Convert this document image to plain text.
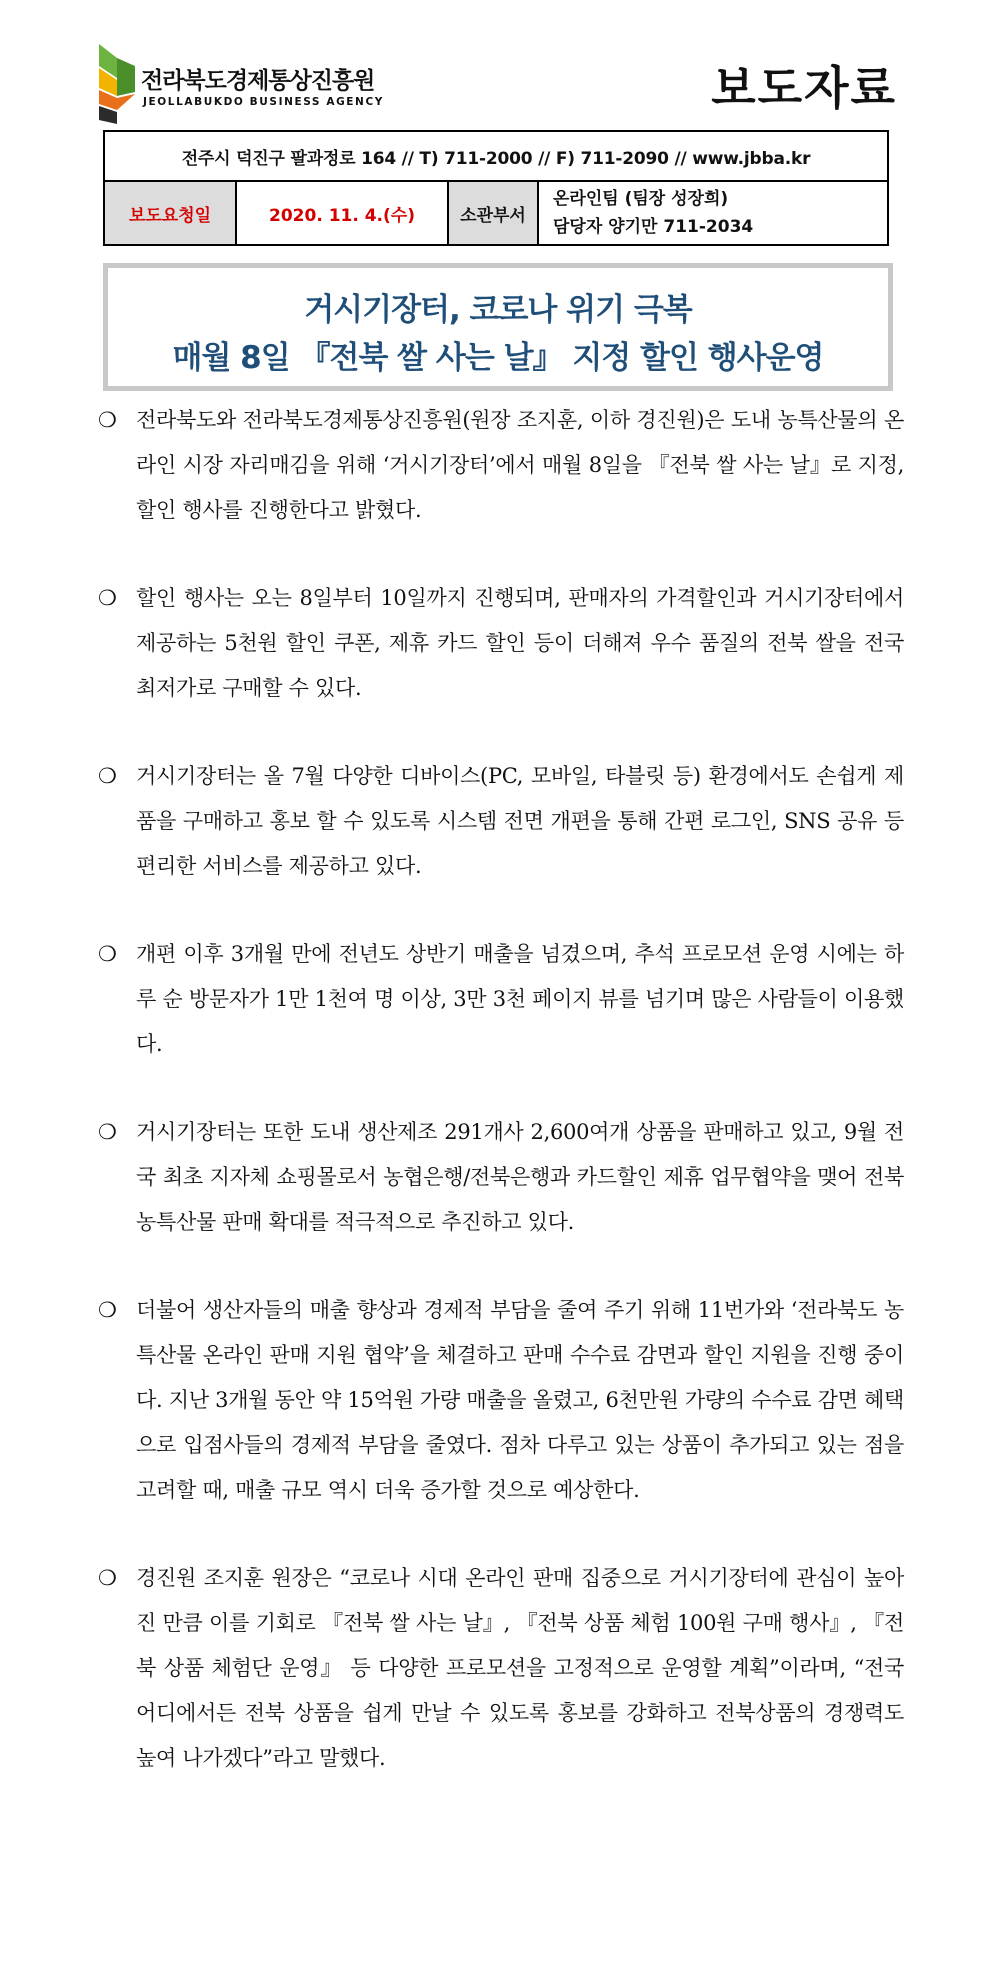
전라북도경제통상진흥원
JEOLLABUKDO BUSINESS AGENCY	보도자료
전주시 덕진구 팔과정로 164 // T) 711-2000 // F) 711-2090 // www.jbba.kr
보도요청일	2020. 11. 4.(수)	소관부서	
온라인팀 (팀장 성장희)
담당자 양기만 711-2034
거시기장터, 코로나 위기 극복
매월 8일 『전북 쌀 사는 날』 지정 할인 행사운영
❍ 전라북도와 전라북도경제통상진흥원(원장 조지훈, 이하 경진원)은 도내 농특산물의 온라인 시장 자리매김을 위해 ‘거시기장터’에서 매월 8일을 『전북 쌀 사는 날』로 지정, 할인 행사를 진행한다고 밝혔다.
❍ 할인 행사는 오는 8일부터 10일까지 진행되며, 판매자의 가격할인과 거시기장터에서 제공하는 5천원 할인 쿠폰, 제휴 카드 할인 등이 더해져 우수 품질의 전북 쌀을 전국 최저가로 구매할 수 있다.
❍ 거시기장터는 올 7월 다양한 디바이스(PC, 모바일, 타블릿 등) 환경에서도 손쉽게 제품을 구매하고 홍보 할 수 있도록 시스템 전면 개편을 통해 간편 로그인, SNS 공유 등 편리한 서비스를 제공하고 있다.
❍ 개편 이후 3개월 만에 전년도 상반기 매출을 넘겼으며, 추석 프로모션 운영 시에는 하루 순 방문자가 1만 1천여 명 이상, 3만 3천 페이지 뷰를 넘기며 많은 사람들이 이용했다.
❍ 거시기장터는 또한 도내 생산제조 291개사 2,600여개 상품을 판매하고 있고, 9월 전국 최초 지자체 쇼핑몰로서 농협은행/전북은행과 카드할인 제휴 업무협약을 맺어 전북 농특산물 판매 확대를 적극적으로 추진하고 있다.
❍ 더불어 생산자들의 매출 향상과 경제적 부담을 줄여 주기 위해 11번가와 ‘전라북도 농특산물 온라인 판매 지원 협약’을 체결하고 판매 수수료 감면과 할인 지원을 진행 중이다. 지난 3개월 동안 약 15억원 가량 매출을 올렸고, 6천만원 가량의 수수료 감면 혜택으로 입점사들의 경제적 부담을 줄였다. 점차 다루고 있는 상품이 추가되고 있는 점을 고려할 때, 매출 규모 역시 더욱 증가할 것으로 예상한다.
❍ 경진원 조지훈 원장은 “코로나 시대 온라인 판매 집중으로 거시기장터에 관심이 높아진 만큼 이를 기회로 『전북 쌀 사는 날』, 『전북 상품 체험 100원 구매 행사』, 『전북 상품 체험단 운영』 등 다양한 프로모션을 고정적으로 운영할 계획”이라며, “전국 어디에서든 전북 상품을 쉽게 만날 수 있도록 홍보를 강화하고 전북상품의 경쟁력도 높여 나가겠다”라고 말했다.
